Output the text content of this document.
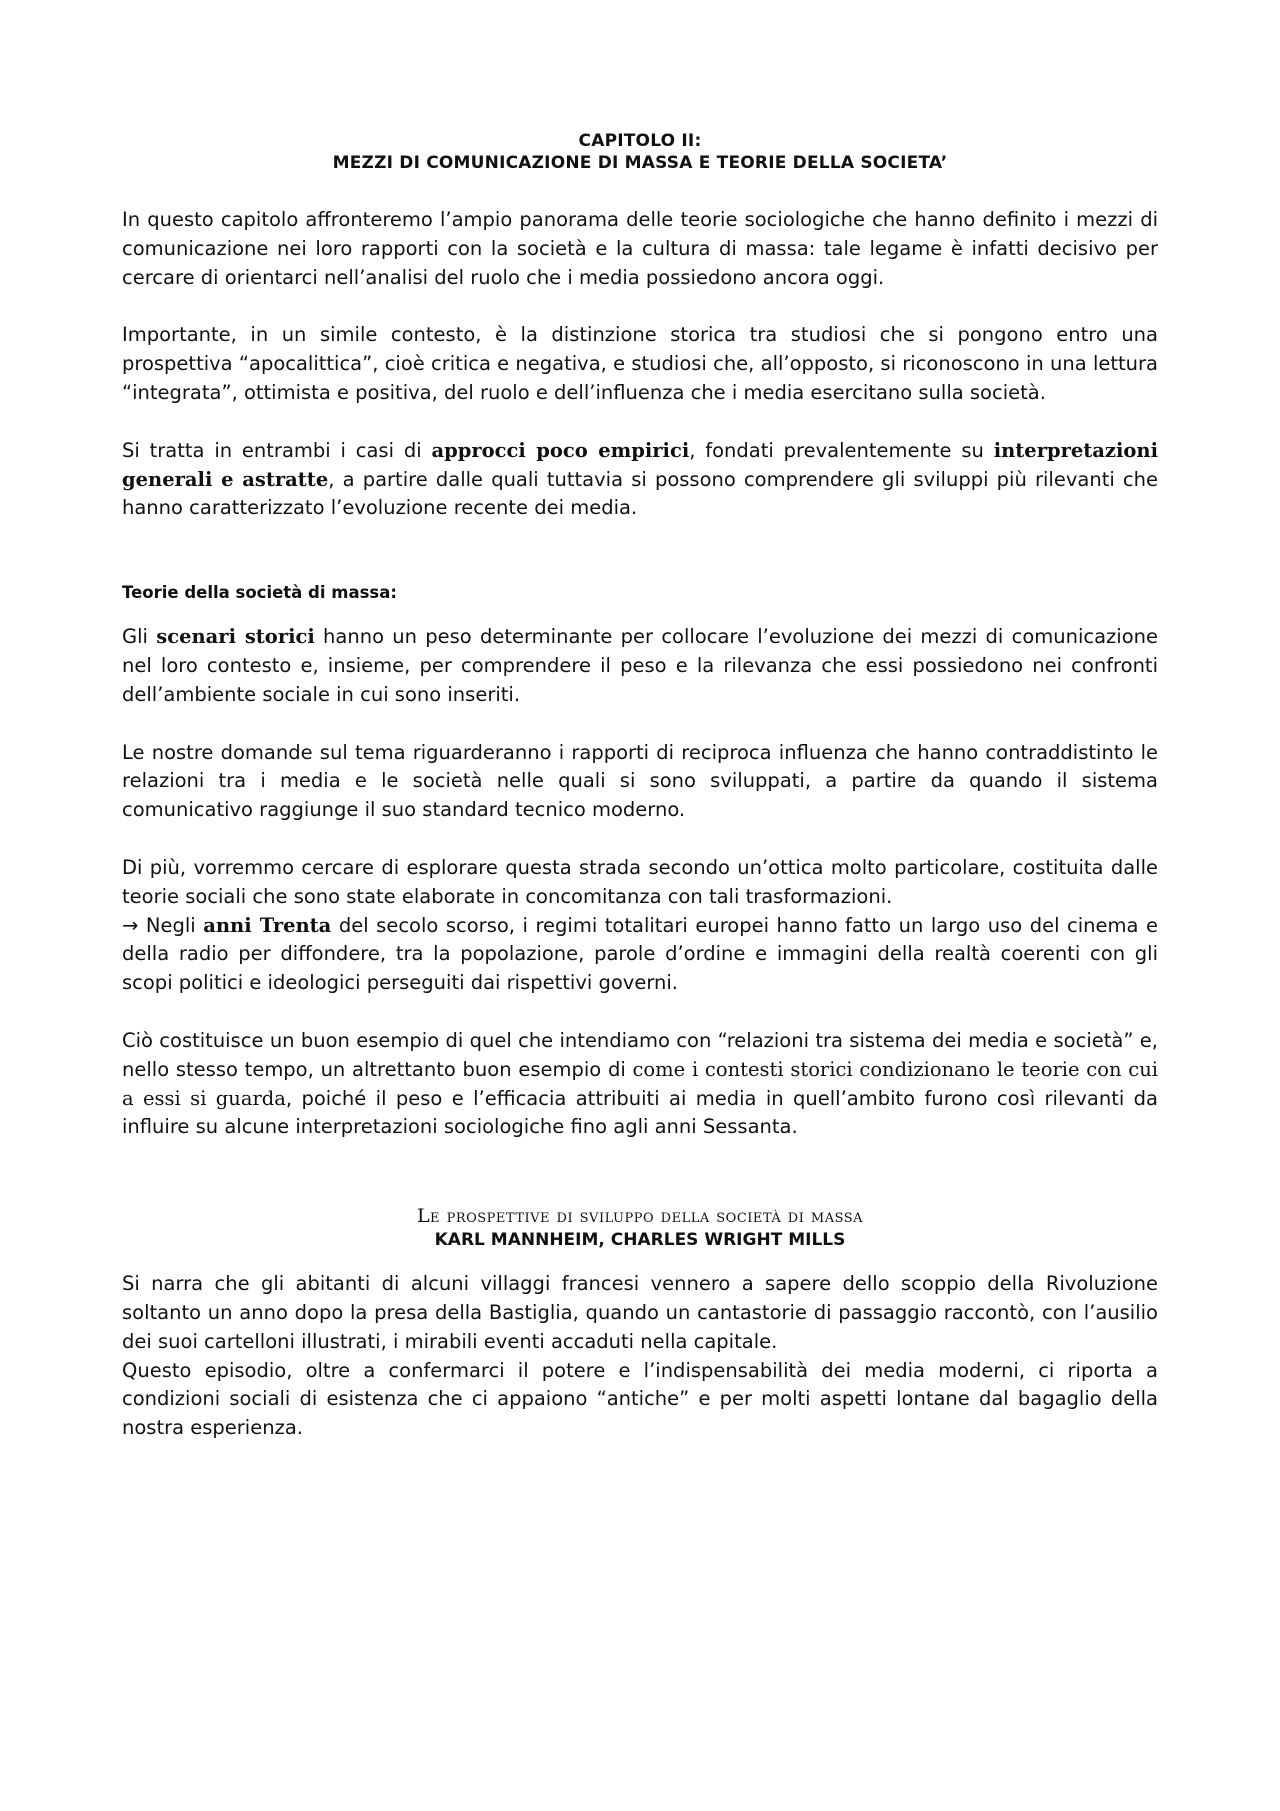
CAPITOLO II:
MEZZI DI COMUNICAZIONE DI MASSA E TEORIE DELLA SOCIETA’

In questo capitolo affronteremo l’ampio panorama delle teorie sociologiche che hanno definito i mezzi di comunicazione nei loro rapporti con la società e la cultura di massa: tale legame è infatti decisivo per cercare di orientarci nell’analisi del ruolo che i media possiedono ancora oggi.

Importante, in un simile contesto, è la distinzione storica tra studiosi che si pongono entro una prospettiva “apocalittica”, cioè critica e negativa, e studiosi che, all’opposto, si riconoscono in una lettura “integrata”, ottimista e positiva, del ruolo e dell’influenza che i media esercitano sulla società.

Si tratta in entrambi i casi di approcci poco empirici, fondati prevalentemente su interpretazioni generali e astratte, a partire dalle quali tuttavia si possono comprendere gli sviluppi più rilevanti che hanno caratterizzato l’evoluzione recente dei media.

Teorie della società di massa:

Gli scenari storici hanno un peso determinante per collocare l’evoluzione dei mezzi di comunicazione nel loro contesto e, insieme, per comprendere il peso e la rilevanza che essi possiedono nei confronti dell’ambiente sociale in cui sono inseriti.

Le nostre domande sul tema riguarderanno i rapporti di reciproca influenza che hanno contraddistinto le relazioni tra i media e le società nelle quali si sono sviluppati, a partire da quando il sistema comunicativo raggiunge il suo standard tecnico moderno.

Di più, vorremmo cercare di esplorare questa strada secondo un’ottica molto particolare, costituita dalle teorie sociali che sono state elaborate in concomitanza con tali trasformazioni.

→ Negli anni Trenta del secolo scorso, i regimi totalitari europei hanno fatto un largo uso del cinema e della radio per diffondere, tra la popolazione, parole d’ordine e immagini della realtà coerenti con gli scopi politici e ideologici perseguiti dai rispettivi governi.

Ciò costituisce un buon esempio di quel che intendiamo con “relazioni tra sistema dei media e società” e, nello stesso tempo, un altrettanto buon esempio di come i contesti storici condizionano le teorie con cui a essi si guarda, poiché il peso e l’efficacia attribuiti ai media in quell’ambito furono così rilevanti da influire su alcune interpretazioni sociologiche fino agli anni Sessanta.

Le prospettive di sviluppo della società di massa
KARL MANNHEIM, CHARLES WRIGHT MILLS

Si narra che gli abitanti di alcuni villaggi francesi vennero a sapere dello scoppio della Rivoluzione soltanto un anno dopo la presa della Bastiglia, quando un cantastorie di passaggio raccontò, con l’ausilio dei suoi cartelloni illustrati, i mirabili eventi accaduti nella capitale.

Questo episodio, oltre a confermarci il potere e l’indispensabilità dei media moderni, ci riporta a condizioni sociali di esistenza che ci appaiono “antiche” e per molti aspetti lontane dal bagaglio della nostra esperienza.
